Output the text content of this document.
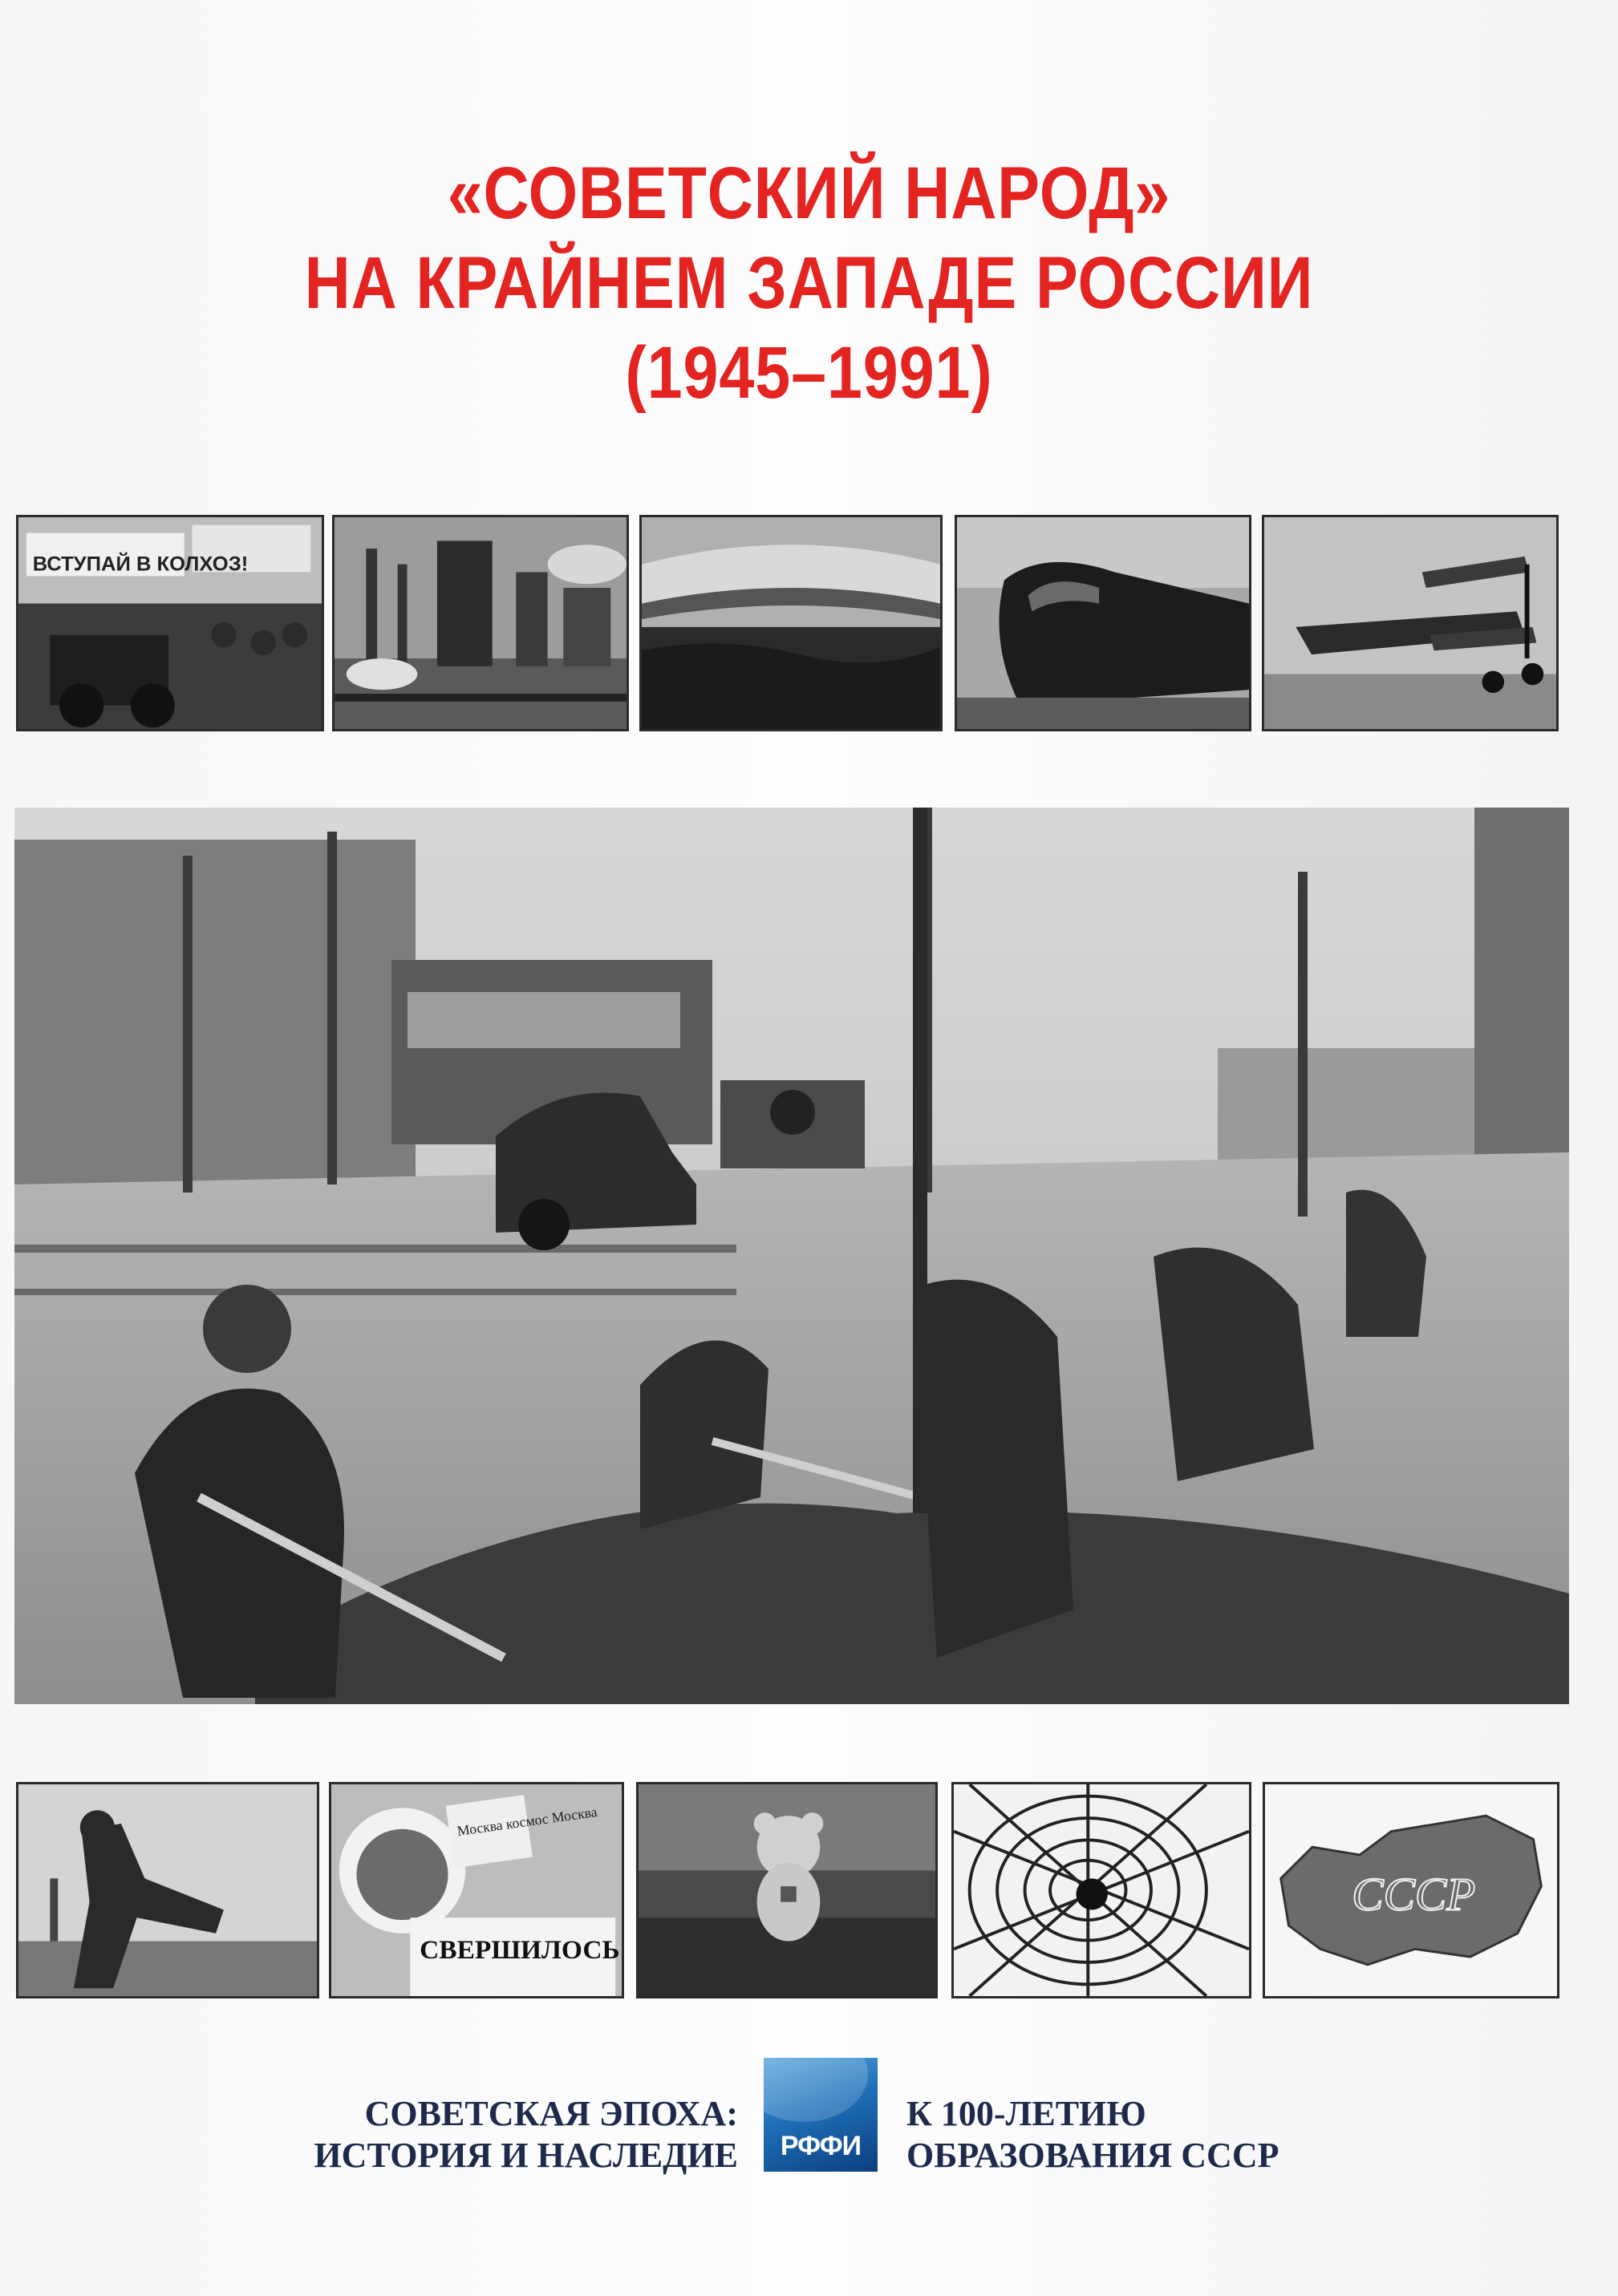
«СОВЕТСКИЙ НАРОД»
НА КРАЙНЕМ ЗАПАДЕ РОССИИ
(1945–1991)
ВСТУПАЙ В КОЛХОЗ!
Москва космос Москва
СВЕРШИЛОСЬ
СССР
СОВЕТСКАЯ ЭПОХА:
ИСТОРИЯ И НАСЛЕДИЕ	РФФИ
К 100-ЛЕТИЮ
ОБРАЗОВАНИЯ СССР
